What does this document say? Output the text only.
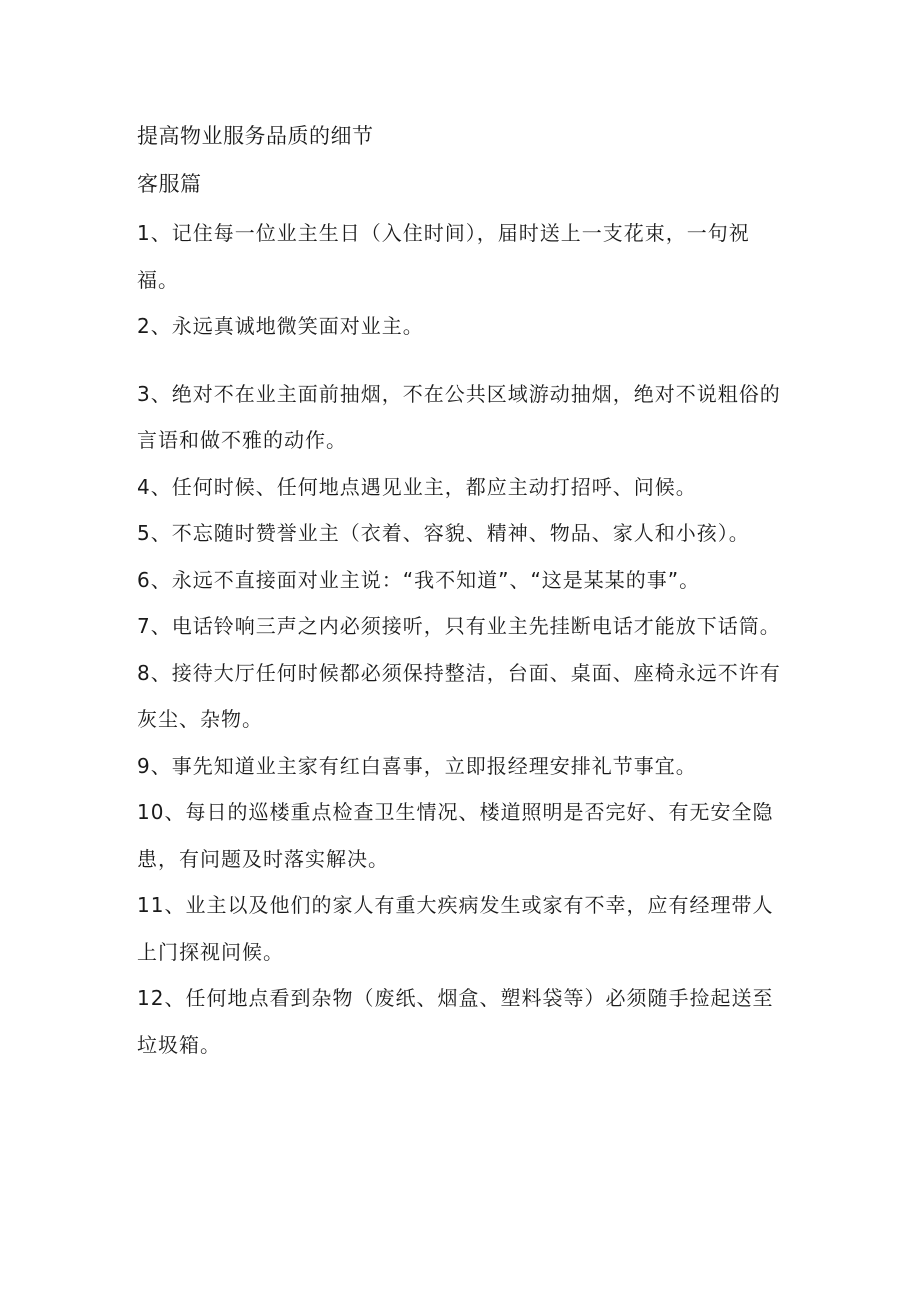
提高物业服务品质的细节
客服篇

1、记住每一位业主生日（入住时间），届时送上一支花束，一句祝福。

2、永远真诚地微笑面对业主。

3、绝对不在业主面前抽烟，不在公共区域游动抽烟，绝对不说粗俗的言语和做不雅的动作。

4、任何时候、任何地点遇见业主，都应主动打招呼、问候。

5、不忘随时赞誉业主（衣着、容貌、精神、物品、家人和小孩）。

6、永远不直接面对业主说：“我不知道”、“这是某某的事”。

7、电话铃响三声之内必须接听，只有业主先挂断电话才能放下话筒。

8、接待大厅任何时候都必须保持整洁，台面、桌面、座椅永远不许有灰尘、杂物。

9、事先知道业主家有红白喜事，立即报经理安排礼节事宜。

10、每日的巡楼重点检查卫生情况、楼道照明是否完好、有无安全隐患，有问题及时落实解决。

11、业主以及他们的家人有重大疾病发生或家有不幸，应有经理带人上门探视问候。

12、任何地点看到杂物（废纸、烟盒、塑料袋等）必须随手捡起送至垃圾箱。
